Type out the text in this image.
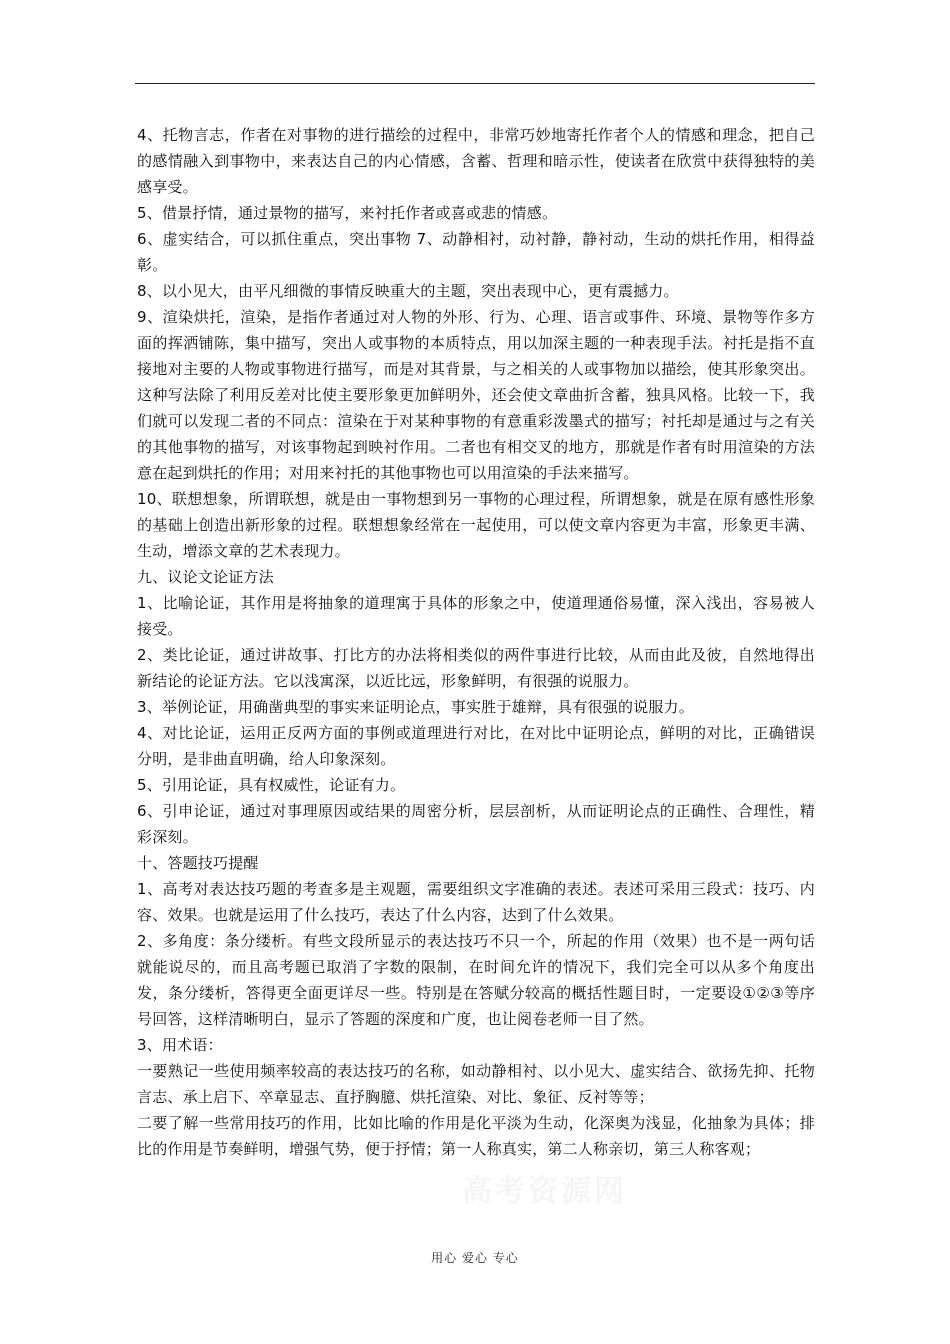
4、托物言志，作者在对事物的进行描绘的过程中，非常巧妙地寄托作者个人的情感和理念，把自己的感情融入到事物中，来表达自己的内心情感，含蓄、哲理和暗示性，使读者在欣赏中获得独特的美感享受。

5、借景抒情，通过景物的描写，来衬托作者或喜或悲的情感。

6、虚实结合，可以抓住重点，突出事物 7、动静相衬，动衬静，静衬动，生动的烘托作用，相得益彰。

8、以小见大，由平凡细微的事情反映重大的主题，突出表现中心，更有震撼力。

9、渲染烘托，渲染，是指作者通过对人物的外形、行为、心理、语言或事件、环境、景物等作多方面的挥洒铺陈，集中描写，突出人或事物的本质特点，用以加深主题的一种表现手法。衬托是指不直接地对主要的人物或事物进行描写，而是对其背景，与之相关的人或事物加以描绘，使其形象突出。这种写法除了利用反差对比使主要形象更加鲜明外，还会使文章曲折含蓄，独具风格。比较一下，我们就可以发现二者的不同点：渲染在于对某种事物的有意重彩泼墨式的描写；衬托却是通过与之有关的其他事物的描写，对该事物起到映衬作用。二者也有相交叉的地方，那就是作者有时用渲染的方法意在起到烘托的作用；对用来衬托的其他事物也可以用渲染的手法来描写。

10、联想想象，所谓联想，就是由一事物想到另一事物的心理过程，所谓想象，就是在原有感性形象的基础上创造出新形象的过程。联想想象经常在一起使用，可以使文章内容更为丰富，形象更丰满、生动，增添文章的艺术表现力。

九、议论文论证方法

1、比喻论证，其作用是将抽象的道理寓于具体的形象之中，使道理通俗易懂，深入浅出，容易被人接受。

2、类比论证，通过讲故事、打比方的办法将相类似的两件事进行比较，从而由此及彼，自然地得出新结论的论证方法。它以浅寓深，以近比远，形象鲜明，有很强的说服力。

3、举例论证，用确凿典型的事实来证明论点，事实胜于雄辩，具有很强的说服力。

4、对比论证，运用正反两方面的事例或道理进行对比，在对比中证明论点，鲜明的对比，正确错误分明，是非曲直明确，给人印象深刻。

5、引用论证，具有权威性，论证有力。

6、引申论证，通过对事理原因或结果的周密分析，层层剖析，从而证明论点的正确性、合理性，精彩深刻。

十、答题技巧提醒

1、高考对表达技巧题的考查多是主观题，需要组织文字准确的表述。表述可采用三段式：技巧、内容、效果。也就是运用了什么技巧，表达了什么内容，达到了什么效果。

2、多角度：条分缕析。有些文段所显示的表达技巧不只一个，所起的作用（效果）也不是一两句话就能说尽的，而且高考题已取消了字数的限制，在时间允许的情况下，我们完全可以从多个角度出发，条分缕析，答得更全面更详尽一些。特别是在答赋分较高的概括性题目时，一定要设①②③等序号回答，这样清晰明白，显示了答题的深度和广度，也让阅卷老师一目了然。

3、用术语：

一要熟记一些使用频率较高的表达技巧的名称，如动静相衬、以小见大、虚实结合、欲扬先抑、托物言志、承上启下、卒章显志、直抒胸臆、烘托渲染、对比、象征、反衬等等；

二要了解一些常用技巧的作用，比如比喻的作用是化平淡为生动，化深奥为浅显，化抽象为具体；排比的作用是节奏鲜明，增强气势，便于抒情；第一人称真实，第二人称亲切，第三人称客观；

高考资源网
用心 爱心 专心
